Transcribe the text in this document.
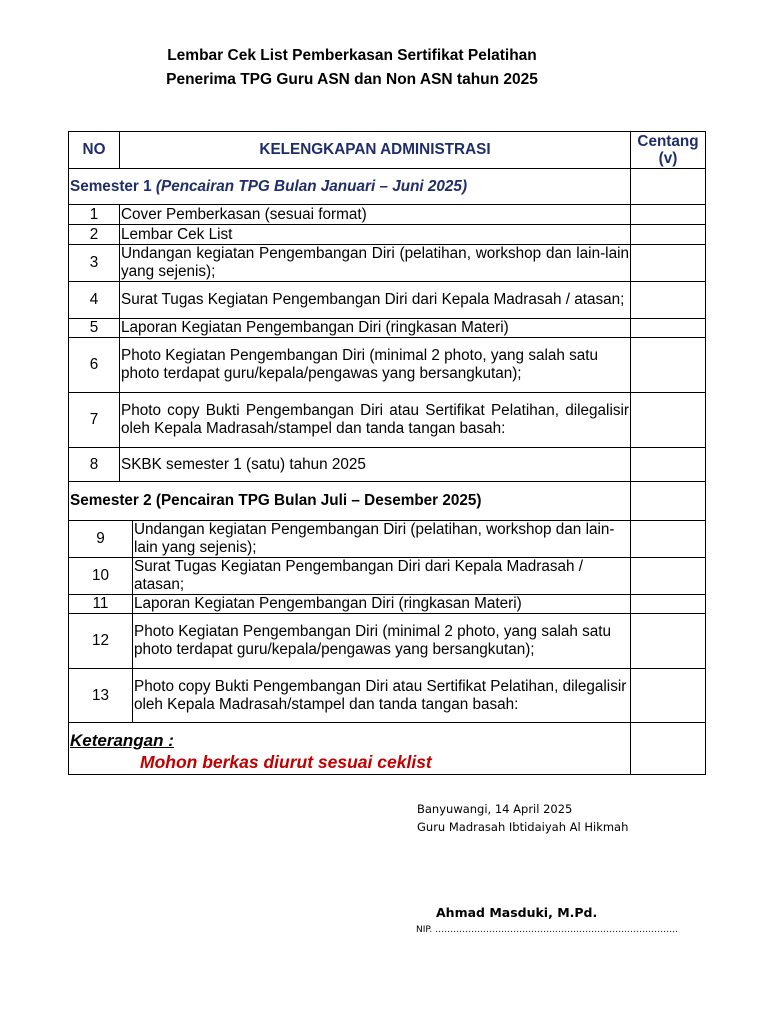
Lembar Cek List Pemberkasan Sertifikat Pelatihan
Penerima TPG Guru ASN dan Non ASN tahun 2025
NO	KELENGKAPAN ADMINISTRASI		Centang
(v)

Semester 1 (Pencairan TPG Bulan Januari – Juni 2025)			
1	Cover Pemberkasan (sesuai format)		
2	Lembar Cek List		
3	Undangan kegiatan Pengembangan Diri (pelatihan, workshop dan lain-lain yang sejenis);		
4	Surat Tugas Kegiatan Pengembangan Diri dari Kepala Madrasah / atasan;		
5	Laporan Kegiatan Pengembangan Diri (ringkasan Materi)		
6	Photo Kegiatan Pengembangan Diri (minimal 2 photo, yang salah satu photo terdapat guru/kepala/pengawas yang bersangkutan);		
7	Photo copy Bukti Pengembangan Diri atau Sertifikat Pelatihan, dilegalisir oleh Kepala Madrasah/stampel dan tanda tangan basah:		
8	SKBK semester 1 (satu) tahun 2025		
Semester 2 (Pencairan TPG Bulan Juli – Desember 2025)			
9		Undangan kegiatan Pengembangan Diri (pelatihan, workshop dan lain-lain yang sejenis);	
10		Surat Tugas Kegiatan Pengembangan Diri dari Kepala Madrasah / atasan;	
11		Laporan Kegiatan Pengembangan Diri (ringkasan Materi)	
12		Photo Kegiatan Pengembangan Diri (minimal 2 photo, yang salah satu photo terdapat guru/kepala/pengawas yang bersangkutan);	
13		Photo copy Bukti Pengembangan Diri atau Sertifikat Pelatihan, dilegalisir oleh Kepala Madrasah/stampel dan tanda tangan basah:	

Keterangan :
Mohon berkas diurut sesuai ceklist			

Banyuwangi, 14 April 2025
Guru Madrasah Ibtidaiyah Al Hikmah
Ahmad Masduki, M.Pd.
NIP. ………………………………………………………………………
